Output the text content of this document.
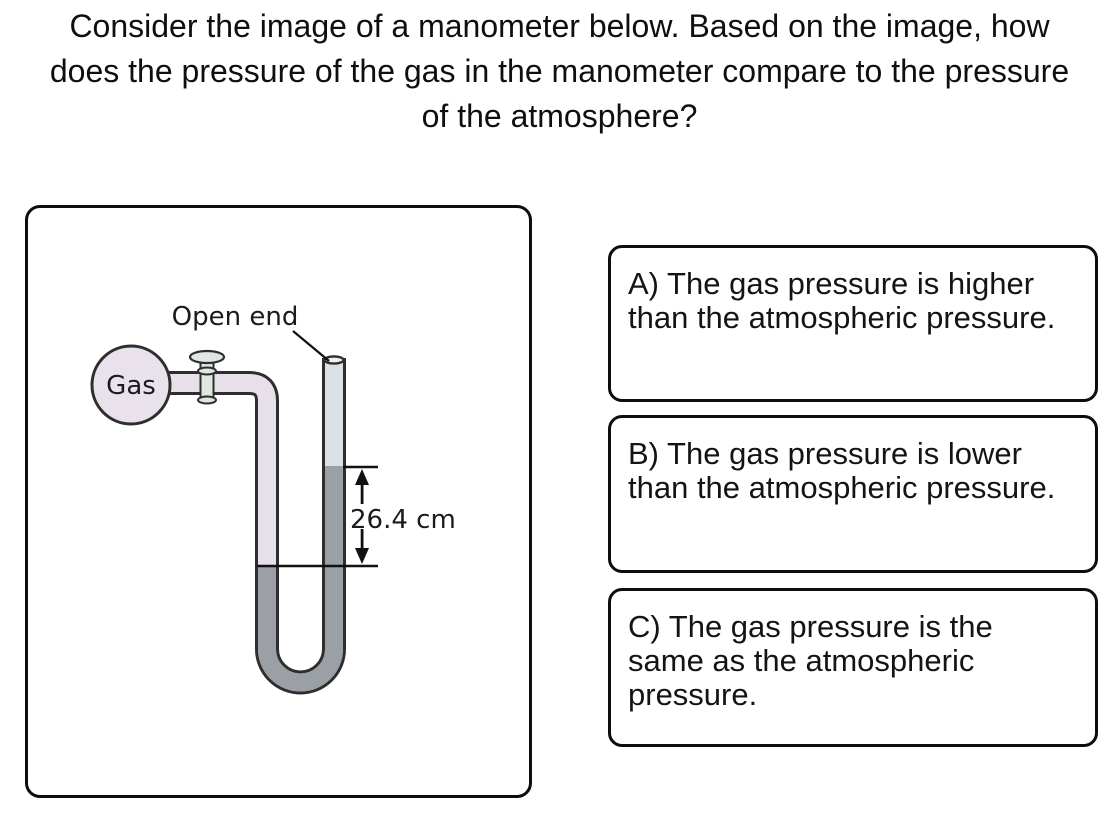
Consider the image of a manometer below. Based on the image, how
does the pressure of the gas in the manometer compare to the pressure
of the atmosphere?
Gas
Open end
26.4 cm
A) The gas pressure is higher than the atmospheric pressure.
B) The gas pressure is lower than the atmospheric pressure.
C) The gas pressure is the same as the atmospheric pressure.
